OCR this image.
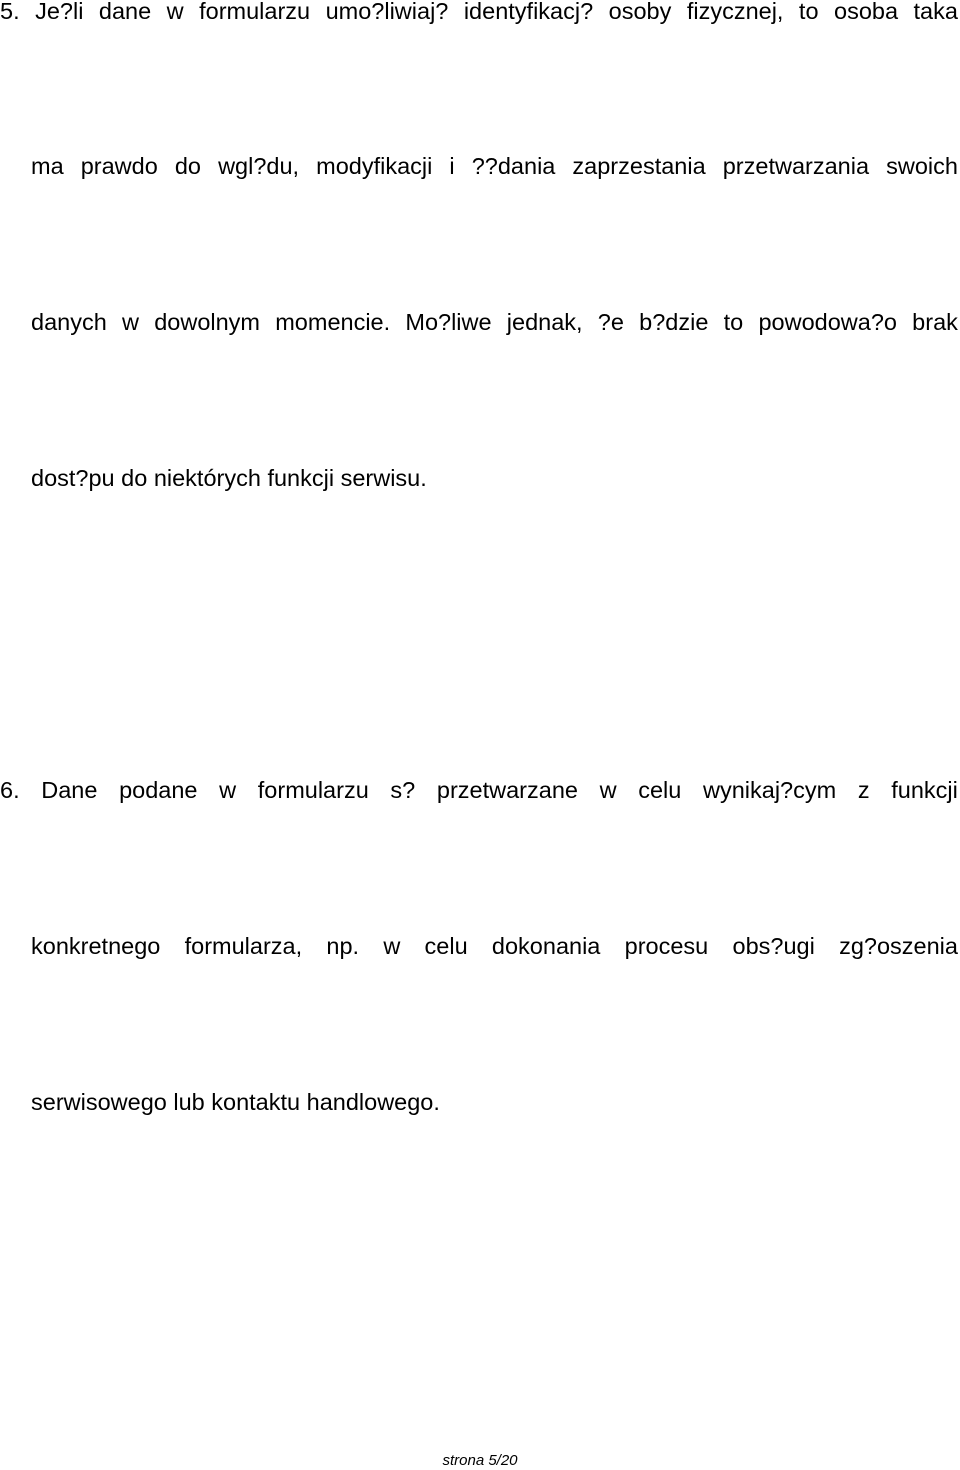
5. Je?li dane w formularzu umo?liwiaj? identyfikacj? osoby fizycznej, to osoba taka

ma prawdo do wgl?du, modyfikacji i ??dania zaprzestania przetwarzania swoich

danych w dowolnym momencie. Mo?liwe jednak, ?e b?dzie to powodowa?o brak

dost?pu do niektórych funkcji serwisu.

6. Dane podane w formularzu s? przetwarzane w celu wynikaj?cym z funkcji

konkretnego formularza, np. w celu dokonania procesu obs?ugi zg?oszenia

serwisowego lub kontaktu handlowego.

strona 5/20
